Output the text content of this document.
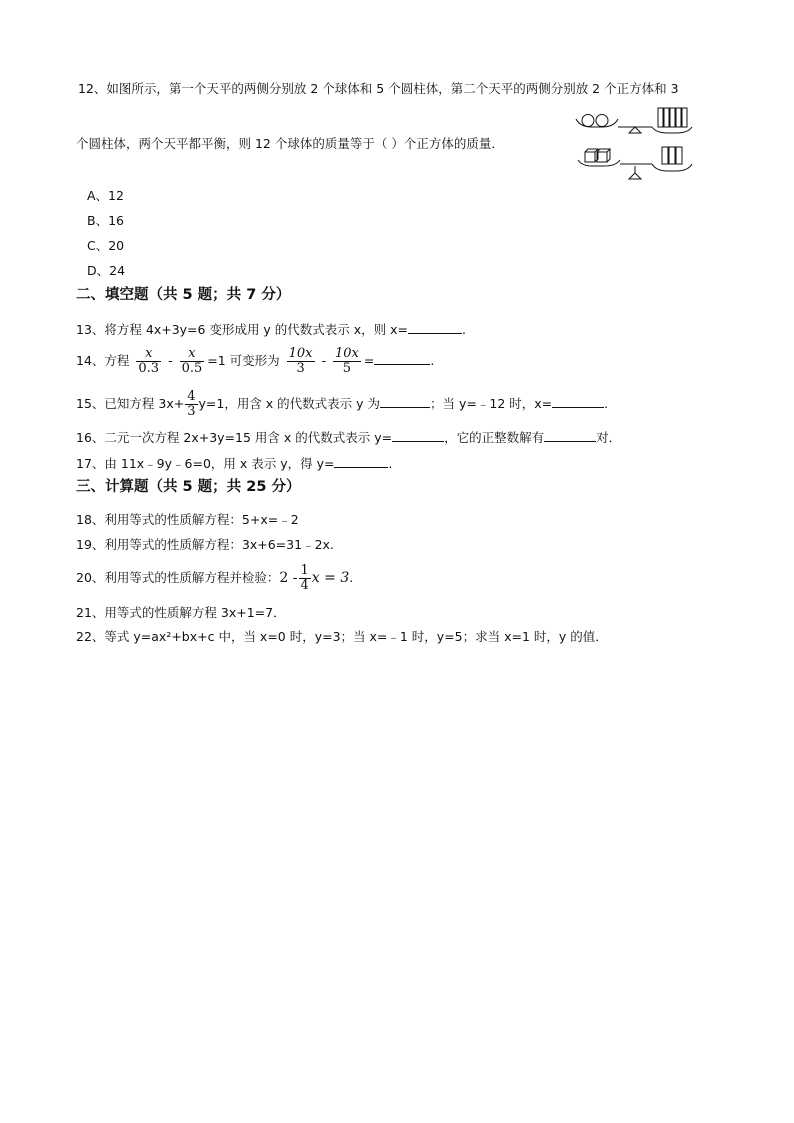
12、如图所示，第一个天平的两侧分别放 2 个球体和 5 个圆柱体，第二个天平的两侧分别放 2 个正方体和 3
个圆柱体，两个天平都平衡，则 12 个球体的质量等于（ ）个正方体的质量．
A、12
B、16
C、20
D、24
二、填空题（共 5 题；共 7 分）
13、将方程 4x+3y=6 变形成用 y 的代数式表示 x，则 x=	.
14、方程 $\frac{x}{0.3} - \frac{x}{0.5} =1$ 可变形为 $\frac{10x}{3} - \frac{10x}{5}$ =	.
15、已知方程 $3x+ \frac{4}{3} y=1$，用含 x 的代数式表示 y 为	；当 y=﹣12 时，x=	.
16、二元一次方程 2x+3y=15 用含 x 的代数式表示 y=	，它的正整数解有	对．
17、由 11x﹣9y﹣6=0，用 x 表示 y，得 y=	.
三、计算题（共 5 题；共 25 分）
18、利用等式的性质解方程：5+x=﹣2
19、利用等式的性质解方程：3x+6=31﹣2x.
20、利用等式的性质解方程并检验：$2 - \frac{1}{4}$ x = 3.
21、用等式的性质解方程 3x+1=7．
22、等式 y=ax²+bx+c 中，当 x=0 时，y=3；当 x=﹣1 时，y=5；求当 x=1 时，y 的值．
